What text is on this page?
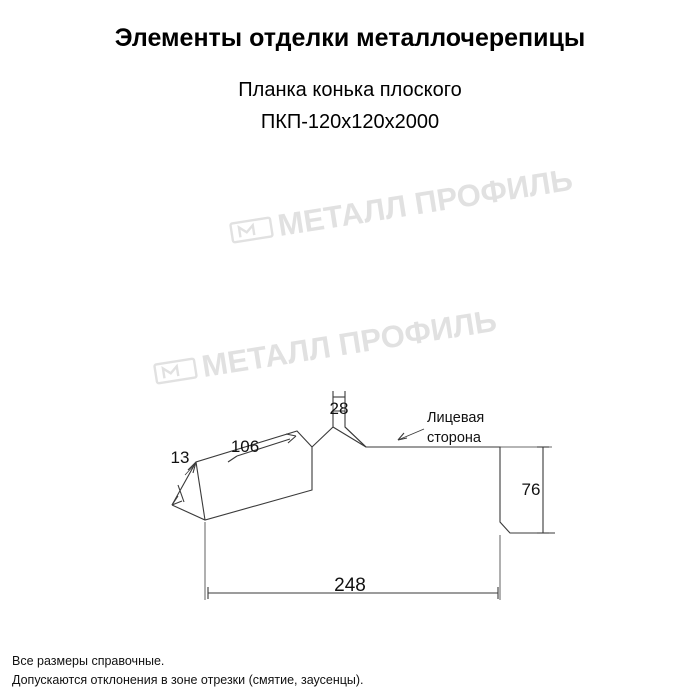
Элементы отделки металлочерепицы

Планка конька плоского

ПКП-120х120х2000

28
106
13
76
248
Лицевая
сторона
МЕТАЛЛ ПРОФИЛЬ
МЕТАЛЛ ПРОФИЛЬ
Все размеры справочные.
Допускаются отклонения в зоне отрезки (смятие, заусенцы).
